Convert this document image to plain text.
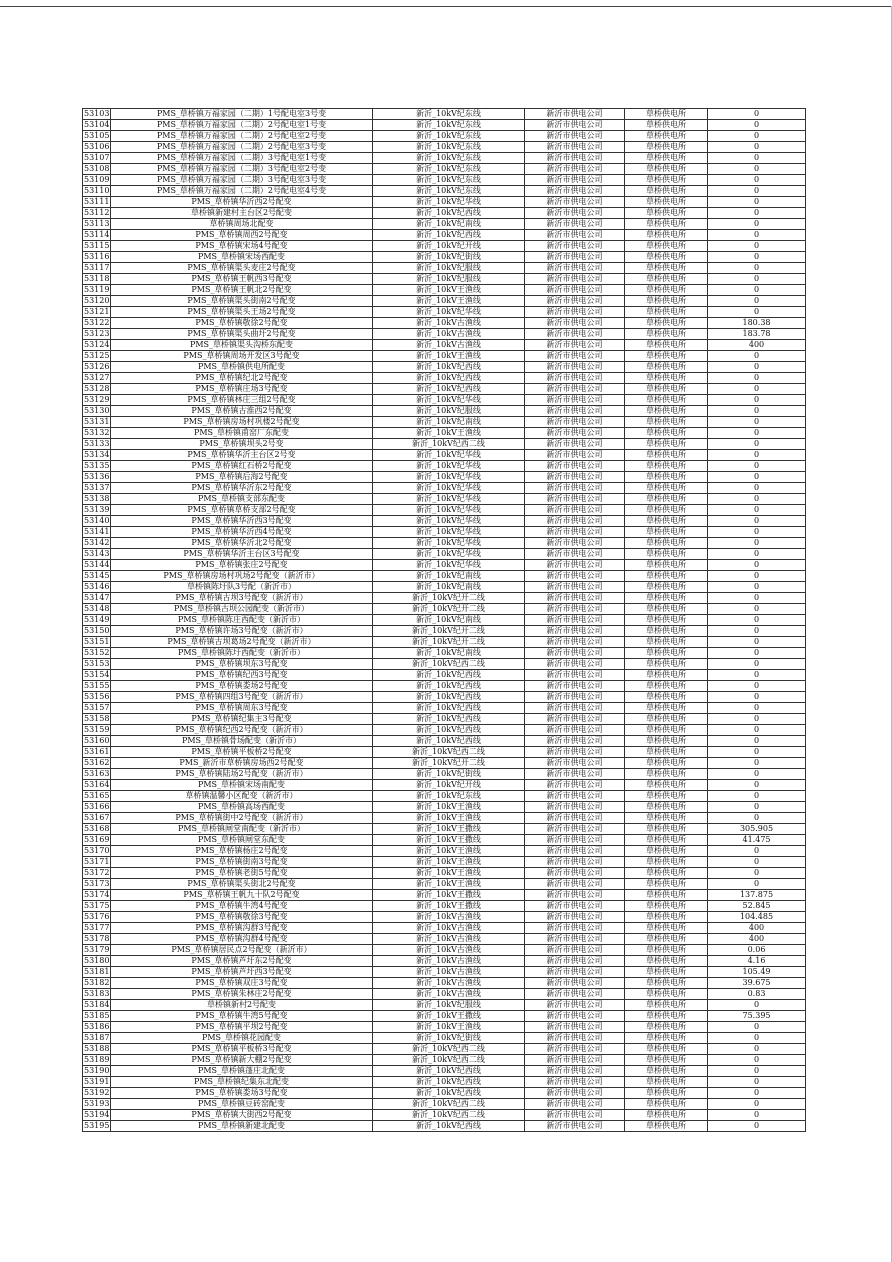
53103	PMS_草桥镇万福家园（二期）1号配电室3号变	新沂_10kV纪东线	新沂市供电公司	草桥供电所	0
53104	PMS_草桥镇万福家园（二期）2号配电室1号变	新沂_10kV纪东线	新沂市供电公司	草桥供电所	0
53105	PMS_草桥镇万福家园（二期）2号配电室2号变	新沂_10kV纪东线	新沂市供电公司	草桥供电所	0
53106	PMS_草桥镇万福家园（二期）2号配电室3号变	新沂_10kV纪东线	新沂市供电公司	草桥供电所	0
53107	PMS_草桥镇万福家园（二期）3号配电室1号变	新沂_10kV纪东线	新沂市供电公司	草桥供电所	0
53108	PMS_草桥镇万福家园（二期）3号配电室2号变	新沂_10kV纪东线	新沂市供电公司	草桥供电所	0
53109	PMS_草桥镇万福家园（二期）3号配电室3号变	新沂_10kV纪东线	新沂市供电公司	草桥供电所	0
53110	PMS_草桥镇万福家园（二期）2号配电室4号变	新沂_10kV纪东线	新沂市供电公司	草桥供电所	0
53111	PMS_草桥镇华沂西2号配变	新沂_10kV纪华线	新沂市供电公司	草桥供电所	0
53112	草桥镇新建村主台区2号配变	新沂_10kV纪西线	新沂市供电公司	草桥供电所	0
53113	草桥镇周场北配变	新沂_10kV纪南线	新沂市供电公司	草桥供电所	0
53114	PMS_草桥镇周西2号配变	新沂_10kV纪西线	新沂市供电公司	草桥供电所	0
53115	PMS_草桥镇宋场4号配变	新沂_10kV纪开线	新沂市供电公司	草桥供电所	0
53116	PMS_草桥镇宋场西配变	新沂_10kV纪街线	新沂市供电公司	草桥供电所	0
53117	PMS_草桥镇渠头麦庄2号配变	新沂_10kV纪服线	新沂市供电公司	草桥供电所	0
53118	PMS_草桥镇王帆西3号配变	新沂_10kV纪服线	新沂市供电公司	草桥供电所	0
53119	PMS_草桥镇王帆北2号配变	新沂_10kV王渔线	新沂市供电公司	草桥供电所	0
53120	PMS_草桥镇渠头街南2号配变	新沂_10kV王渔线	新沂市供电公司	草桥供电所	0
53121	PMS_草桥镇渠头王场2号配变	新沂_10kV纪华线	新沂市供电公司	草桥供电所	0
53122	PMS_草桥镇敬徐2号配变	新沂_10kV古渔线	新沂市供电公司	草桥供电所	180.38
53123	PMS_草桥镇渠头曲圩2号配变	新沂_10kV古渔线	新沂市供电公司	草桥供电所	183.78
53124	PMS_草桥镇渠头沟桥东配变	新沂_10kV古渔线	新沂市供电公司	草桥供电所	400
53125	PMS_草桥镇周场开发区3号配变	新沂_10kV王渔线	新沂市供电公司	草桥供电所	0
53126	PMS_草桥镇供电所配变	新沂_10kV纪西线	新沂市供电公司	草桥供电所	0
53127	PMS_草桥镇纪北2号配变	新沂_10kV纪西线	新沂市供电公司	草桥供电所	0
53128	PMS_草桥镇庄场3号配变	新沂_10kV纪西线	新沂市供电公司	草桥供电所	0
53129	PMS_草桥镇林庄三组2号配变	新沂_10kV纪华线	新沂市供电公司	草桥供电所	0
53130	PMS_草桥镇古淮西2号配变	新沂_10kV纪服线	新沂市供电公司	草桥供电所	0
53131	PMS_草桥镇房场村巩楼2号配变	新沂_10kV纪南线	新沂市供电公司	草桥供电所	0
53132	PMS_草桥镇甫窑厂东配变	新沂_10kV王渔线	新沂市供电公司	草桥供电所	0
53133	PMS_草桥镇坝头2号变	新沂_10kV纪西二线	新沂市供电公司	草桥供电所	0
53134	PMS_草桥镇华沂主台区2号变	新沂_10kV纪华线	新沂市供电公司	草桥供电所	0
53135	PMS_草桥镇红石桥2号配变	新沂_10kV纪华线	新沂市供电公司	草桥供电所	0
53136	PMS_草桥镇后海2号配变	新沂_10kV纪华线	新沂市供电公司	草桥供电所	0
53137	PMS_草桥镇华沂东2号配变	新沂_10kV纪华线	新沂市供电公司	草桥供电所	0
53138	PMS_草桥镇支部东配变	新沂_10kV纪华线	新沂市供电公司	草桥供电所	0
53139	PMS_草桥镇草桥支部2号配变	新沂_10kV纪华线	新沂市供电公司	草桥供电所	0
53140	PMS_草桥镇华沂西3号配变	新沂_10kV纪华线	新沂市供电公司	草桥供电所	0
53141	PMS_草桥镇华沂西4号配变	新沂_10kV纪华线	新沂市供电公司	草桥供电所	0
53142	PMS_草桥镇华沂北2号配变	新沂_10kV纪华线	新沂市供电公司	草桥供电所	0
53143	PMS_草桥镇华沂主台区3号配变	新沂_10kV纪华线	新沂市供电公司	草桥供电所	0
53144	PMS_草桥镇张庄2号配变	新沂_10kV纪华线	新沂市供电公司	草桥供电所	0
53145	PMS_草桥镇房场村巩场2号配变（新沂市）	新沂_10kV纪南线	新沂市供电公司	草桥供电所	0
53146	草桥镇陈圩队3号配（新沂市）	新沂_10kV纪南线	新沂市供电公司	草桥供电所	0
53147	PMS_草桥镇古坝3号配变（新沂市）	新沂_10kV纪开二线	新沂市供电公司	草桥供电所	0
53148	PMS_草桥镇古坝公园配变（新沂市）	新沂_10kV纪开二线	新沂市供电公司	草桥供电所	0
53149	PMS_草桥镇陈庄西配变（新沂市）	新沂_10kV纪南线	新沂市供电公司	草桥供电所	0
53150	PMS_草桥镇许场3号配变（新沂市）	新沂_10kV纪开二线	新沂市供电公司	草桥供电所	0
53151	PMS_草桥镇古坝葛场2号配变（新沂市）	新沂_10kV纪开二线	新沂市供电公司	草桥供电所	0
53152	PMS_草桥镇陈圩西配变（新沂市）	新沂_10kV纪南线	新沂市供电公司	草桥供电所	0
53153	PMS_草桥镇坝东3号配变	新沂_10kV纪西二线	新沂市供电公司	草桥供电所	0
53154	PMS_草桥镇纪西3号配变	新沂_10kV纪西线	新沂市供电公司	草桥供电所	0
53155	PMS_草桥镇娄场2号配变	新沂_10kV纪西线	新沂市供电公司	草桥供电所	0
53156	PMS_草桥镇四组3号配变（新沂市）	新沂_10kV纪西线	新沂市供电公司	草桥供电所	0
53157	PMS_草桥镇周东3号配变	新沂_10kV纪西线	新沂市供电公司	草桥供电所	0
53158	PMS_草桥镇纪集主3号配变	新沂_10kV纪西线	新沂市供电公司	草桥供电所	0
53159	PMS_草桥镇纪西2号配变（新沂市）	新沂_10kV纪西线	新沂市供电公司	草桥供电所	0
53160	PMS_草桥镇骨场配变（新沂市）	新沂_10kV纪西线	新沂市供电公司	草桥供电所	0
53161	PMS_草桥镇平板桥2号配变	新沂_10kV纪西二线	新沂市供电公司	草桥供电所	0
53162	PMS_新沂市草桥镇房场西2号配变	新沂_10kV纪开二线	新沂市供电公司	草桥供电所	0
53163	PMS_草桥镇陆场2号配变（新沂市）	新沂_10kV纪街线	新沂市供电公司	草桥供电所	0
53164	PMS_草桥镇宋场南配变	新沂_10kV纪开线	新沂市供电公司	草桥供电所	0
53165	草桥镇温馨小区配变（新沂市）	新沂_10kV纪东线	新沂市供电公司	草桥供电所	0
53166	PMS_草桥镇高场西配变	新沂_10kV王渔线	新沂市供电公司	草桥供电所	0
53167	PMS_草桥镇街中2号配变（新沂市）	新沂_10kV王渔线	新沂市供电公司	草桥供电所	0
53168	PMS_草桥镇闸堂南配变（新沂市）	新沂_10kV王撒线	新沂市供电公司	草桥供电所	305.905
53169	PMS_草桥镇闸堂东配变	新沂_10kV王撒线	新沂市供电公司	草桥供电所	41.475
53170	PMS_草桥镇杨庄2号配变	新沂_10kV王渔线	新沂市供电公司	草桥供电所	0
53171	PMS_草桥镇街南3号配变	新沂_10kV王渔线	新沂市供电公司	草桥供电所	0
53172	PMS_草桥镇老街5号配变	新沂_10kV王渔线	新沂市供电公司	草桥供电所	0
53173	PMS_草桥镇渠头街北2号配变	新沂_10kV王渔线	新沂市供电公司	草桥供电所	0
53174	PMS_草桥镇王帆九十队2号配变	新沂_10kV王撒线	新沂市供电公司	草桥供电所	137.875
53175	PMS_草桥镇牛湾4号配变	新沂_10kV王撒线	新沂市供电公司	草桥供电所	52.845
53176	PMS_草桥镇敬徐3号配变	新沂_10kV古渔线	新沂市供电公司	草桥供电所	104.485
53177	PMS_草桥镇沟群3号配变	新沂_10kV古渔线	新沂市供电公司	草桥供电所	400
53178	PMS_草桥镇沟群4号配变	新沂_10kV古渔线	新沂市供电公司	草桥供电所	400
53179	PMS_草桥镇居民点2号配变（新沂市）	新沂_10kV古渔线	新沂市供电公司	草桥供电所	0.06
53180	PMS_草桥镇芦圩东2号配变	新沂_10kV古渔线	新沂市供电公司	草桥供电所	4.16
53181	PMS_草桥镇芦圩西3号配变	新沂_10kV古渔线	新沂市供电公司	草桥供电所	105.49
53182	PMS_草桥镇双庄3号配变	新沂_10kV古渔线	新沂市供电公司	草桥供电所	39.675
53183	PMS_草桥镇朱林庄2号配变	新沂_10kV古渔线	新沂市供电公司	草桥供电所	0.83
53184	草桥镇新村2号配变	新沂_10kV纪服线	新沂市供电公司	草桥供电所	0
53185	PMS_草桥镇牛湾5号配变	新沂_10kV王撒线	新沂市供电公司	草桥供电所	75.395
53186	PMS_草桥镇平坝2号配变	新沂_10kV王渔线	新沂市供电公司	草桥供电所	0
53187	PMS_草桥镇花园配变	新沂_10kV纪街线	新沂市供电公司	草桥供电所	0
53188	PMS_草桥镇平板桥3号配变	新沂_10kV纪西二线	新沂市供电公司	草桥供电所	0
53189	PMS_草桥镇新大棚2号配变	新沂_10kV纪西二线	新沂市供电公司	草桥供电所	0
53190	PMS_草桥镇蓬庄北配变	新沂_10kV纪西线	新沂市供电公司	草桥供电所	0
53191	PMS_草桥镇纪集东北配变	新沂_10kV纪西线	新沂市供电公司	草桥供电所	0
53192	PMS_草桥镇娄场3号配变	新沂_10kV纪西线	新沂市供电公司	草桥供电所	0
53193	PMS_草桥镇豆砖窑配变	新沂_10kV纪西二线	新沂市供电公司	草桥供电所	0
53194	PMS_草桥镇大街西2号配变	新沂_10kV纪西二线	新沂市供电公司	草桥供电所	0
53195	PMS_草桥镇新建北配变	新沂_10kV纪西线	新沂市供电公司	草桥供电所	0
